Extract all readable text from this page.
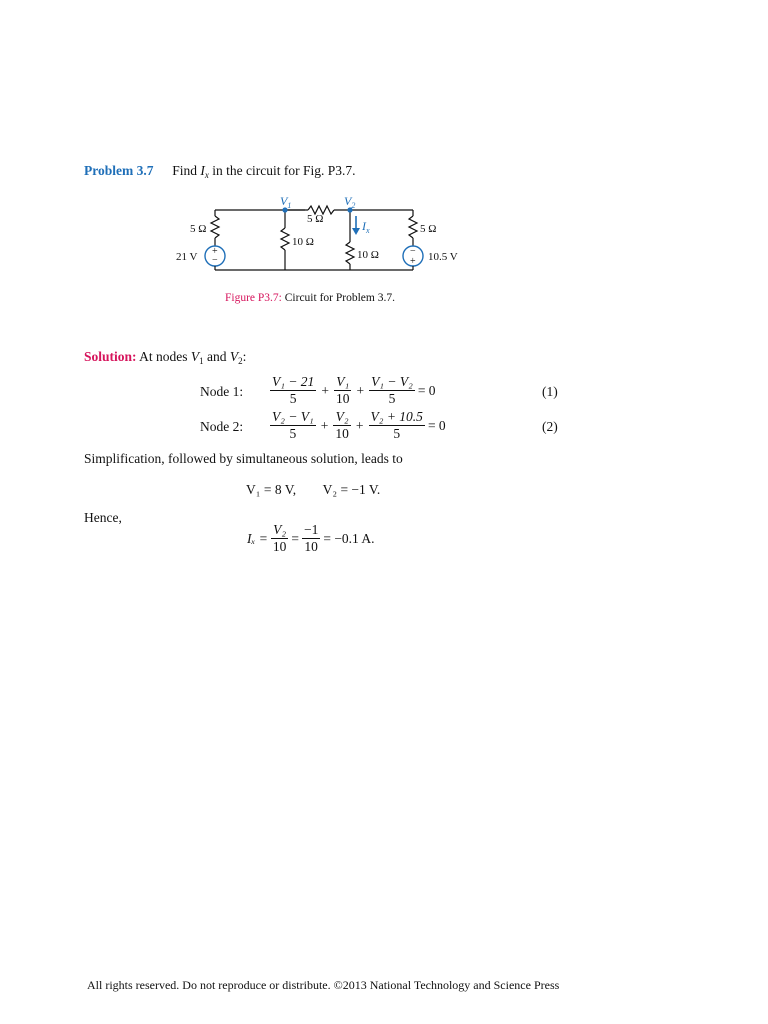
Problem 3.7 Find $I_x$ in the circuit for Fig. P3.7.
$V_1$	$V_2$
5 Ω
5 Ω
10 Ω
10 Ω
5 Ω
$I_x$
21 V	10.5 V
+
−
−
+
Figure P3.7: Circuit for Problem 3.7.
Solution: At nodes $V_1$ and $V_2$:
Node 1: $\frac{\text{V₁ − 21}}{5} + \frac{\text{V₁}}{10} + \frac{\text{V₁ − V₂}}{5} = 0$	(1)
Node 2: $\frac{\text{V₂ − V₁}}{5} + \frac{\text{V₂}}{10} + \frac{\text{V₂ + 10.5}}{5} = 0$	(2)
Simplification, followed by simultaneous solution, leads to
V₁ = 8 V, V₂ = −1 V.
Hence,
$I_x = \frac{\text{V₂}}{10} = \frac{-1}{10} = -0.1$ A.
All rights reserved. Do not reproduce or distribute. ©2013 National Technology and Science Press
